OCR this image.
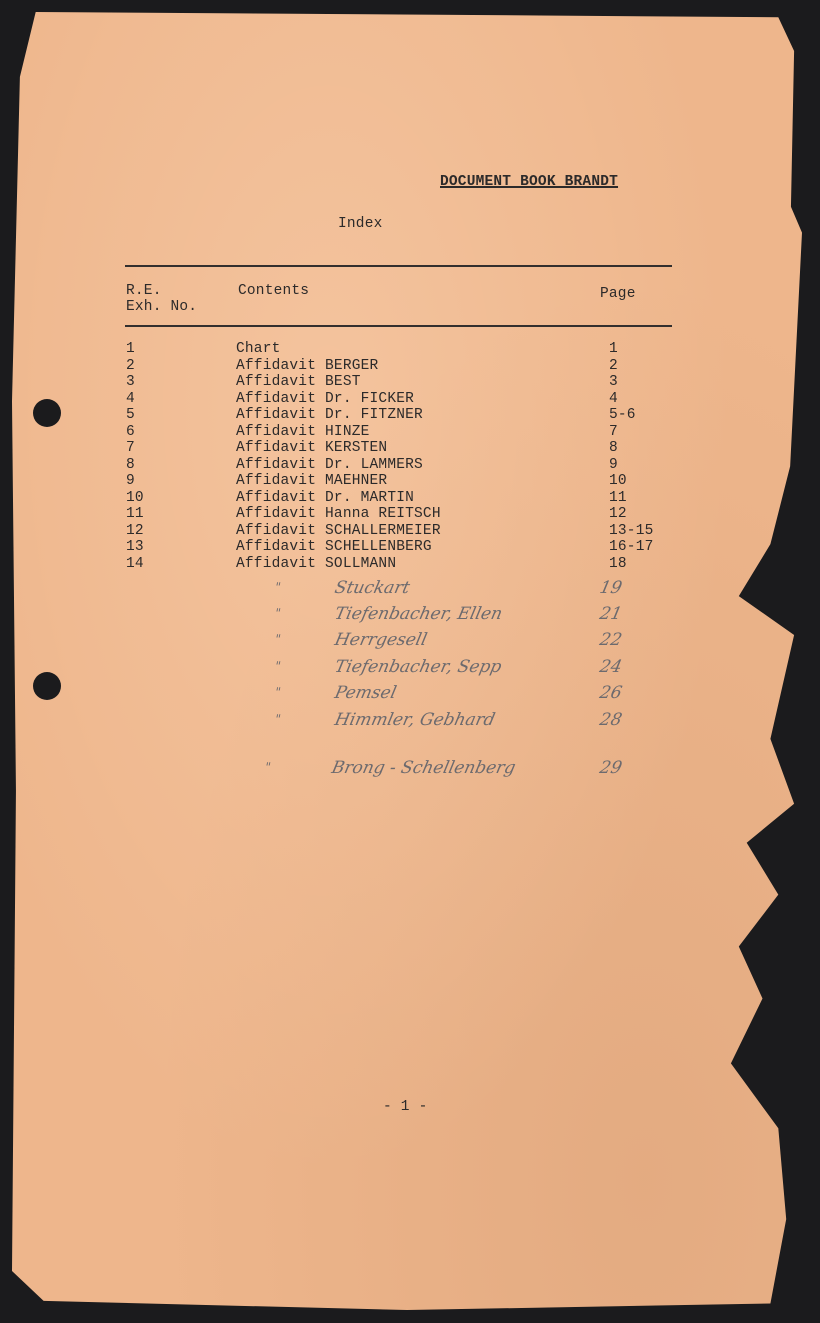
DOCUMENT BOOK BRANDT
Index
R.E.
Exh. No.
Contents	Page
1	Chart	1
2	Affidavit BERGER	2
3	Affidavit BEST	3
4	Affidavit Dr. FICKER	4
5	Affidavit Dr. FITZNER	5-6
6	Affidavit HINZE	7
7	Affidavit KERSTEN	8
8	Affidavit Dr. LAMMERS	9
9	Affidavit MAEHNER	10
10	Affidavit Dr. MARTIN	11
11	Affidavit Hanna REITSCH	12
12	Affidavit SCHALLERMEIER	13-15
13	Affidavit SCHELLENBERG	16-17
14	Affidavit SOLLMANN	18
"	Stuckart	19
"	Tiefenbacher, Ellen	21
"	Herrgesell	22
"	Tiefenbacher, Sepp	24
"	Pemsel	26
"	Himmler, Gebhard	28
"	Brong - Schellenberg	29
- 1 -
